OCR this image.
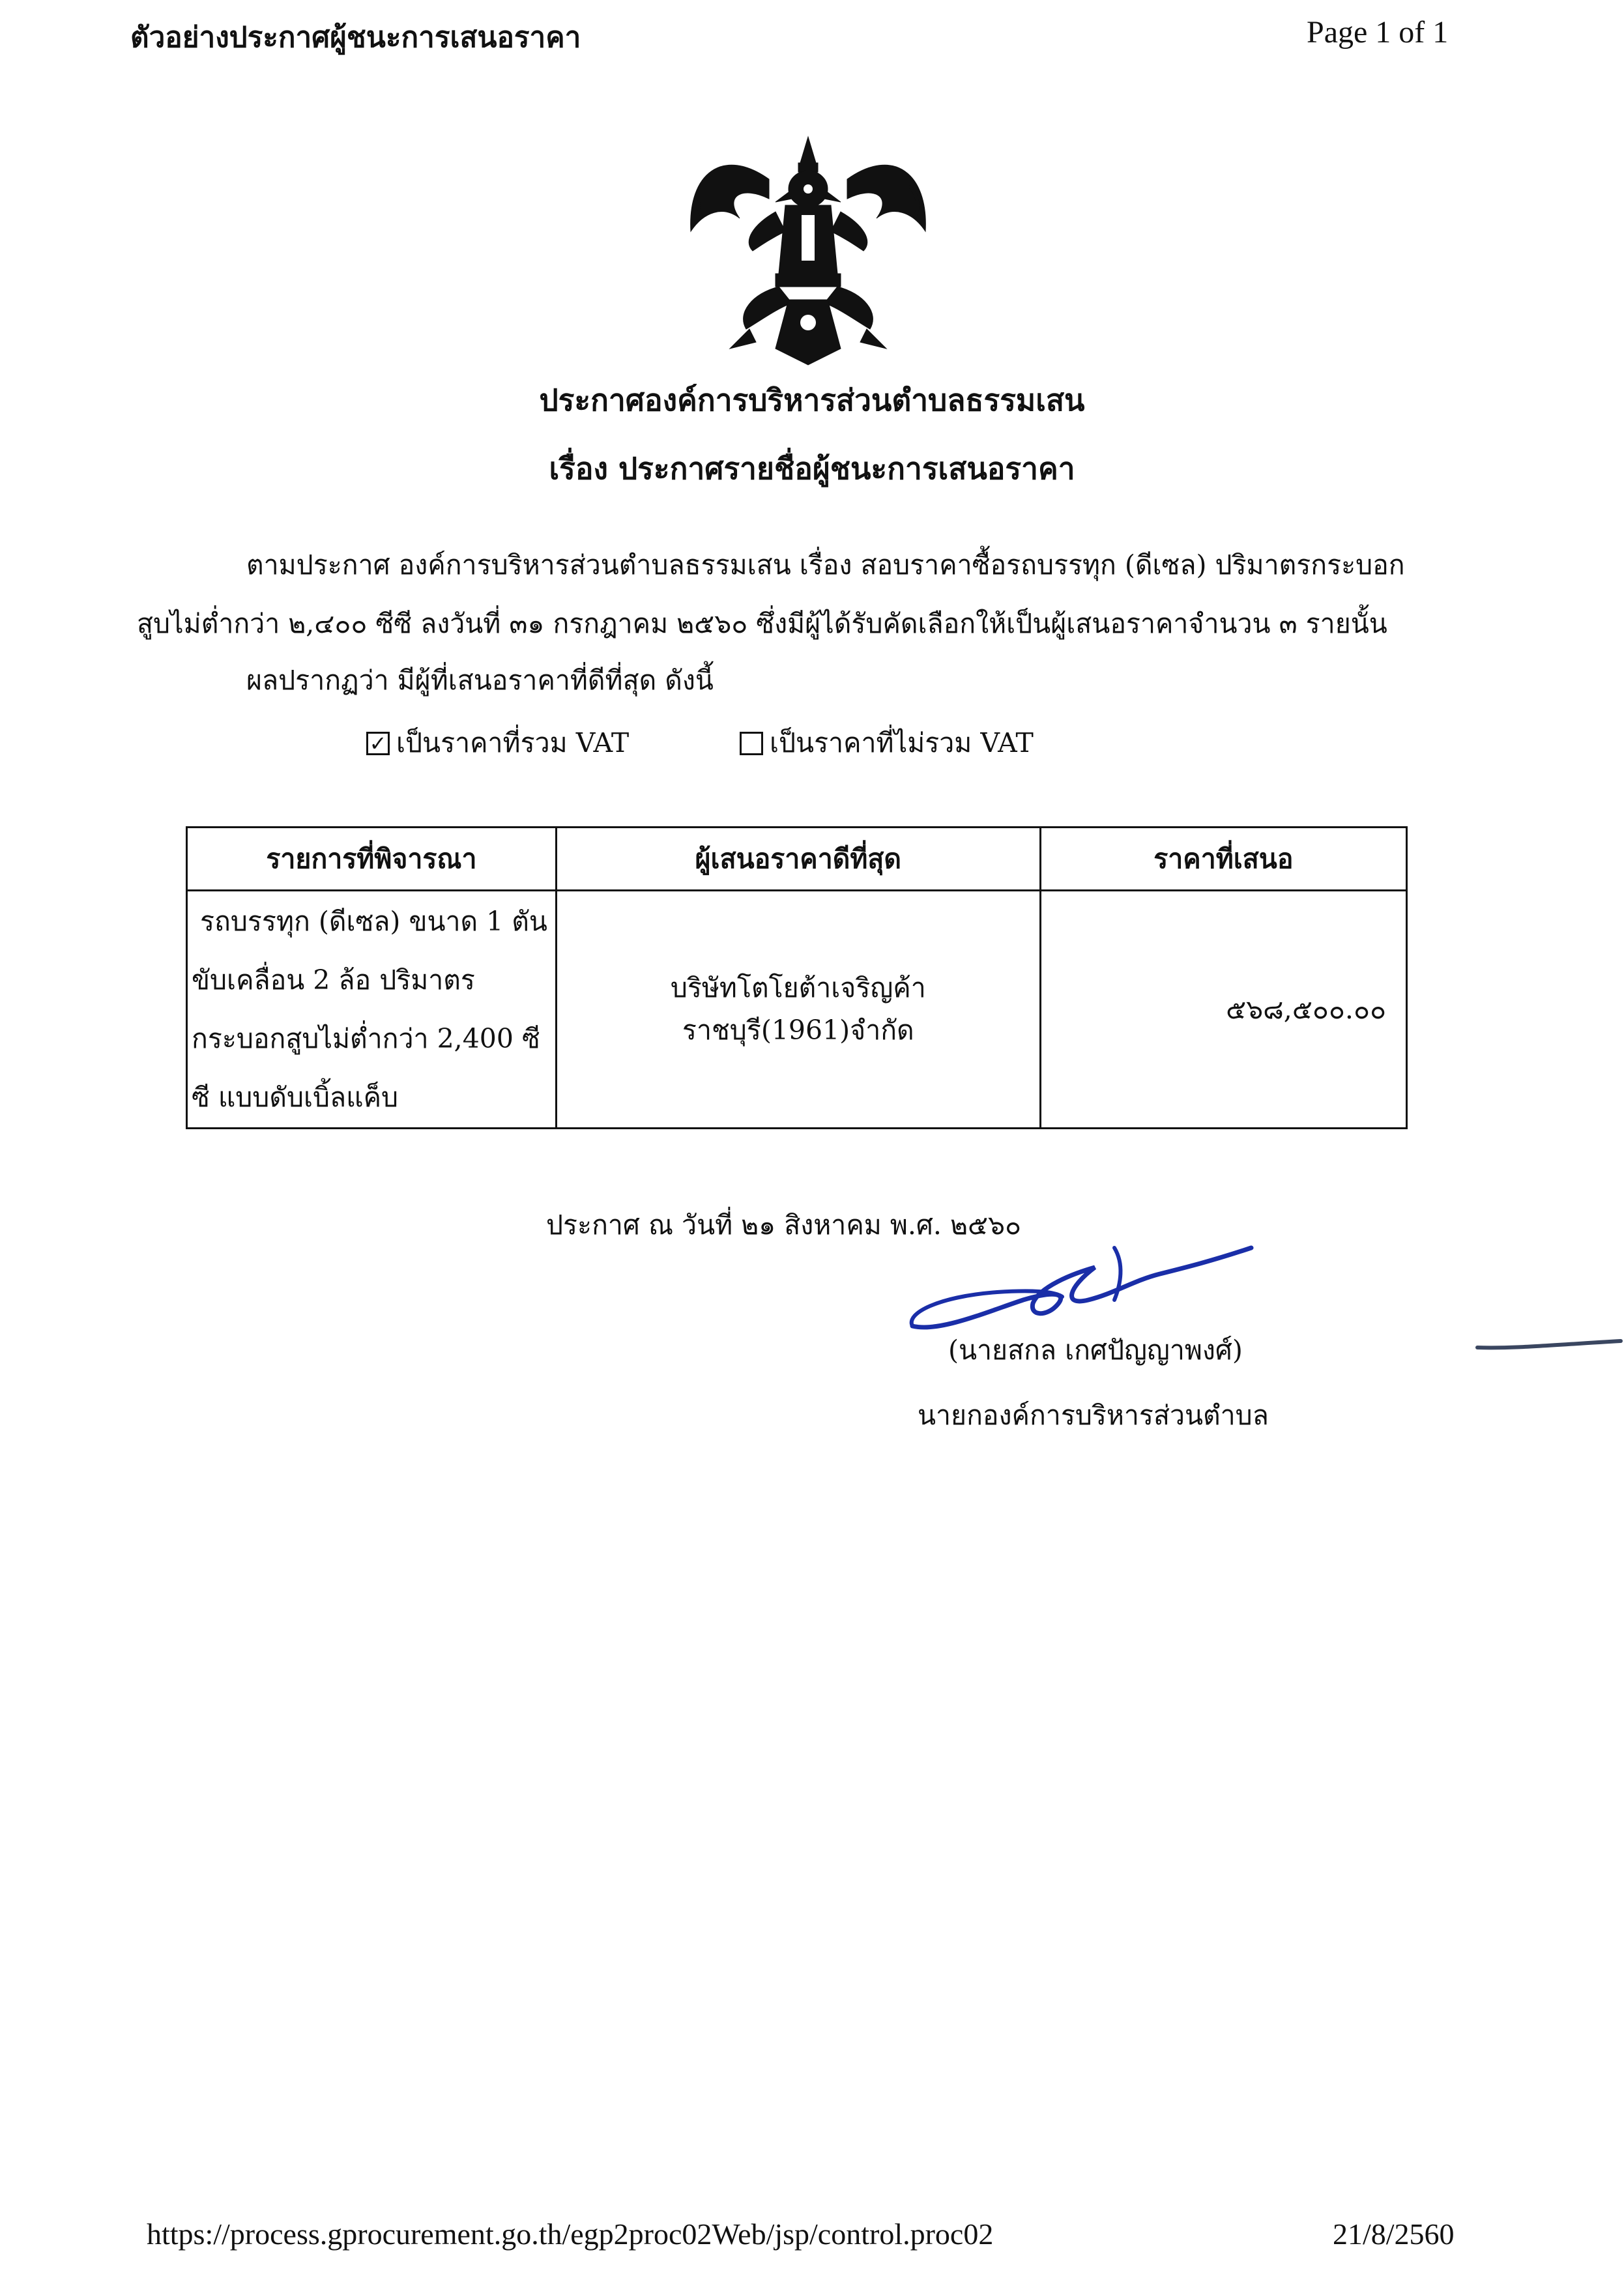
ตัวอย่างประกาศผู้ชนะการเสนอราคา	Page 1 of 1
ประกาศองค์การบริหารส่วนตำบลธรรมเสน
เรื่อง ประกาศรายชื่อผู้ชนะการเสนอราคา
ตามประกาศ องค์การบริหารส่วนตำบลธรรมเสน เรื่อง สอบราคาซื้อรถบรรทุก (ดีเซล) ปริมาตรกระบอก
สูบไม่ต่ำกว่า ๒,๔๐๐ ซีซี ลงวันที่ ๓๑ กรกฎาคม ๒๕๖๐ ซึ่งมีผู้ได้รับคัดเลือกให้เป็นผู้เสนอราคาจำนวน ๓ รายนั้น
ผลปรากฏว่า มีผู้ที่เสนอราคาที่ดีที่สุด ดังนี้
✓ เป็นราคาที่รวม VAT	เป็นราคาที่ไม่รวม VAT
รายการที่พิจารณา	ผู้เสนอราคาดีที่สุด	ราคาที่เสนอ

รถบรรทุก (ดีเซล) ขนาด 1 ตัน
ขับเคลื่อน 2 ล้อ ปริมาตร
กระบอกสูบไม่ต่ำกว่า 2,400 ซี
ซี แบบดับเบิ้ลแค็บ	บริษัทโตโยต้าเจริญค้าราชบุรี(1961)จำกัด	๕๖๘,๕๐๐.๐๐
ประกาศ ณ วันที่ ๒๑ สิงหาคม พ.ศ. ๒๕๖๐
(นายสกล เกศปัญญาพงศ์)
นายกองค์การบริหารส่วนตำบล
https://process.gprocurement.go.th/egp2proc02Web/jsp/control.proc02	21/8/2560
